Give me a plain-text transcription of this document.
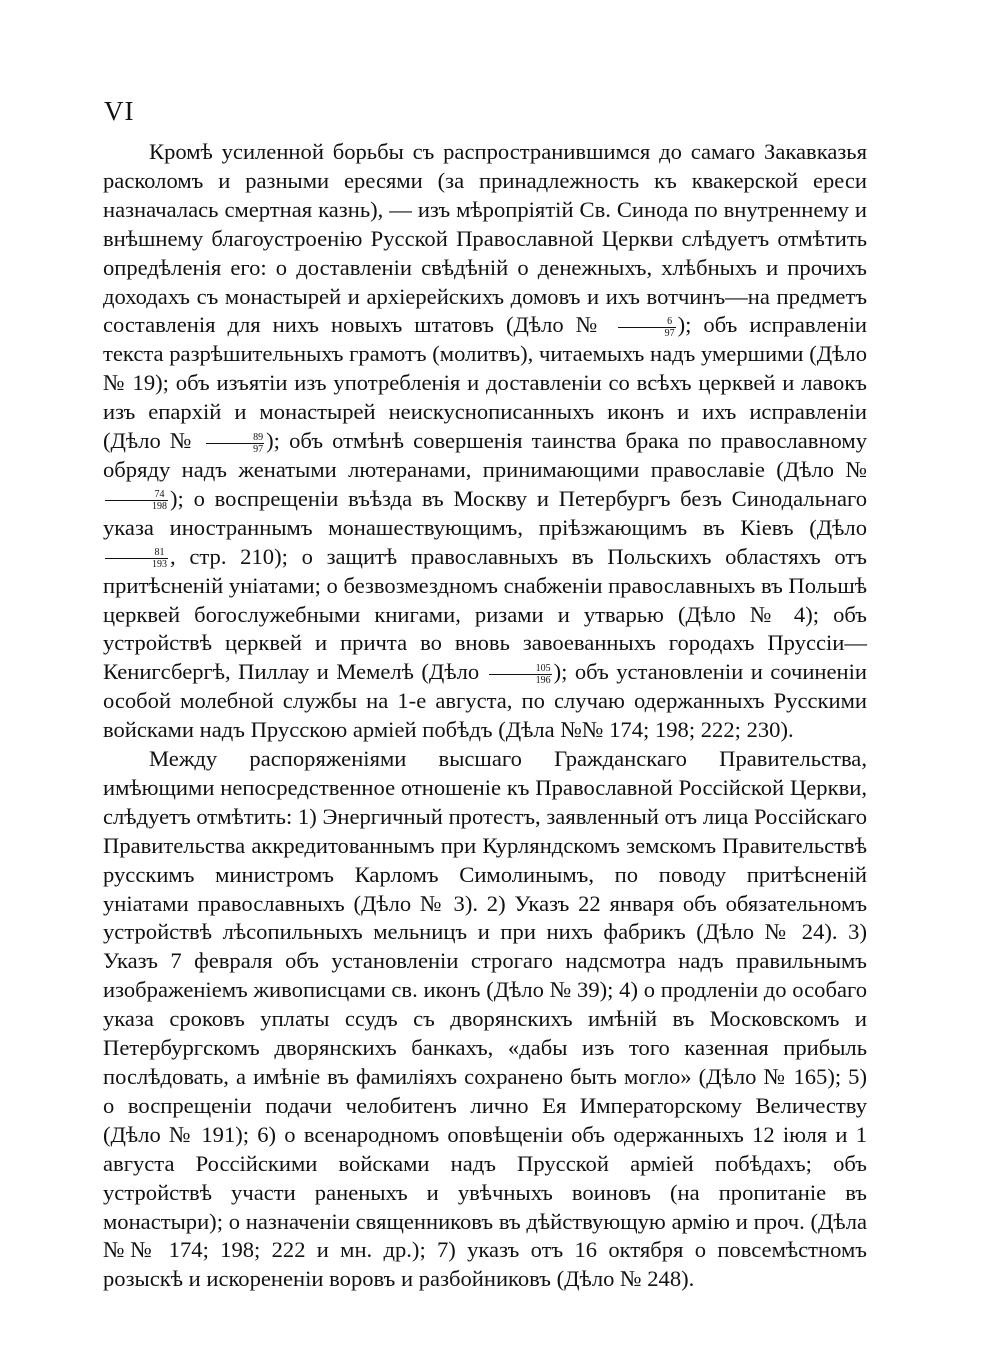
VI

Кромѣ усиленной борьбы съ распространившимся до самаго Закавказья расколомъ и разными ересями (за принадлежность къ квакерской ереси назначалась смертная казнь), — изъ мѣропріятій Св. Синода по внутреннему и внѣшнему благоустроенію Русской Православной Церкви слѣдуетъ отмѣтить опредѣленія его: о доставленіи свѣдѣній о денежныхъ, хлѣбныхъ и прочихъ доходахъ съ монастырей и архіерейскихъ домовъ и ихъ вотчинъ—на предметъ составленія для нихъ новыхъ штатовъ (Дѣло № $\frac{6}{97}$ ); объ исправленіи текста разрѣшительныхъ грамотъ (молитвъ), читаемыхъ надъ умершими (Дѣло № 19); объ изъятіи изъ употребленія и доставленіи со всѣхъ церквей и лавокъ изъ епархій и монастырей неискуснописанныхъ иконъ и ихъ исправленіи (Дѣло № $\frac{89}{97}$ ); объ отмѣнѣ совершенія таинства брака по православному обряду надъ женатыми лютеранами, принимающими православіе (Дѣло №
$\frac{74}{198}$ ); о воспрещеніи въѣзда въ Москву и Петербургъ безъ Синодальнаго указа иностраннымъ монашествующимъ, пріѣзжающимъ въ Кіевъ (Дѣло
$\frac{81}{193}$ , стр. 210); о защитѣ православныхъ въ Польскихъ областяхъ отъ притѣсненій уніатами; о безвозмездномъ снабженіи православныхъ въ Польшѣ церквей богослужебными книгами, ризами и утварью (Дѣло № 4); объ устройствѣ церквей и причта во вновь завоеванныхъ городахъ Пруссіи—Кенигсбергѣ, Пиллау и Мемелѣ (Дѣло $\frac{105}{196}$ ); объ установленіи и сочиненіи особой молебной службы на 1-е августа, по случаю одержанныхъ Русскими войсками надъ Прусскою арміей побѣдъ (Дѣла №№ 174; 198; 222; 230).

Между распоряженіями высшаго Гражданскаго Правительства, имѣющими непосредственное отношеніе къ Православной Россійской Церкви, слѣдуетъ отмѣтить: 1) Энергичный протестъ, заявленный отъ лица Россійскаго Правительства аккредитованнымъ при Курляндскомъ земскомъ Правительствѣ русскимъ министромъ Карломъ Симолинымъ, по поводу притѣсненій уніатами православныхъ (Дѣло № 3). 2) Указъ 22 января объ обязательномъ устройствѣ лѣсопильныхъ мельницъ и при нихъ фабрикъ (Дѣло № 24). 3) Указъ 7 февраля объ установленіи строгаго надсмотра надъ правильнымъ изображеніемъ живописцами св. иконъ (Дѣло № 39); 4) о продленіи до особаго указа сроковъ уплаты ссудъ съ дворянскихъ имѣній въ Московскомъ и Петербургскомъ дворянскихъ банкахъ, «дабы изъ того казенная прибыль послѣдовать, а имѣніе въ фамиліяхъ сохранено быть могло» (Дѣло № 165); 5) о воспрещеніи подачи челобитенъ лично Ея Императорскому Величеству (Дѣло № 191); 6) о всенародномъ оповѣщеніи объ одержанныхъ 12 іюля и 1 августа Россійскими войсками надъ Прусской арміей побѣдахъ; объ устройствѣ участи раненыхъ и увѣчныхъ воиновъ (на пропитаніе въ монастыри); о назначеніи священниковъ въ дѣйствующую армію и проч. (Дѣла №№ 174; 198; 222 и мн. др.); 7) указъ отъ 16 октября о повсемѣстномъ розыскѣ и искорененіи воровъ и разбойниковъ (Дѣло № 248).
